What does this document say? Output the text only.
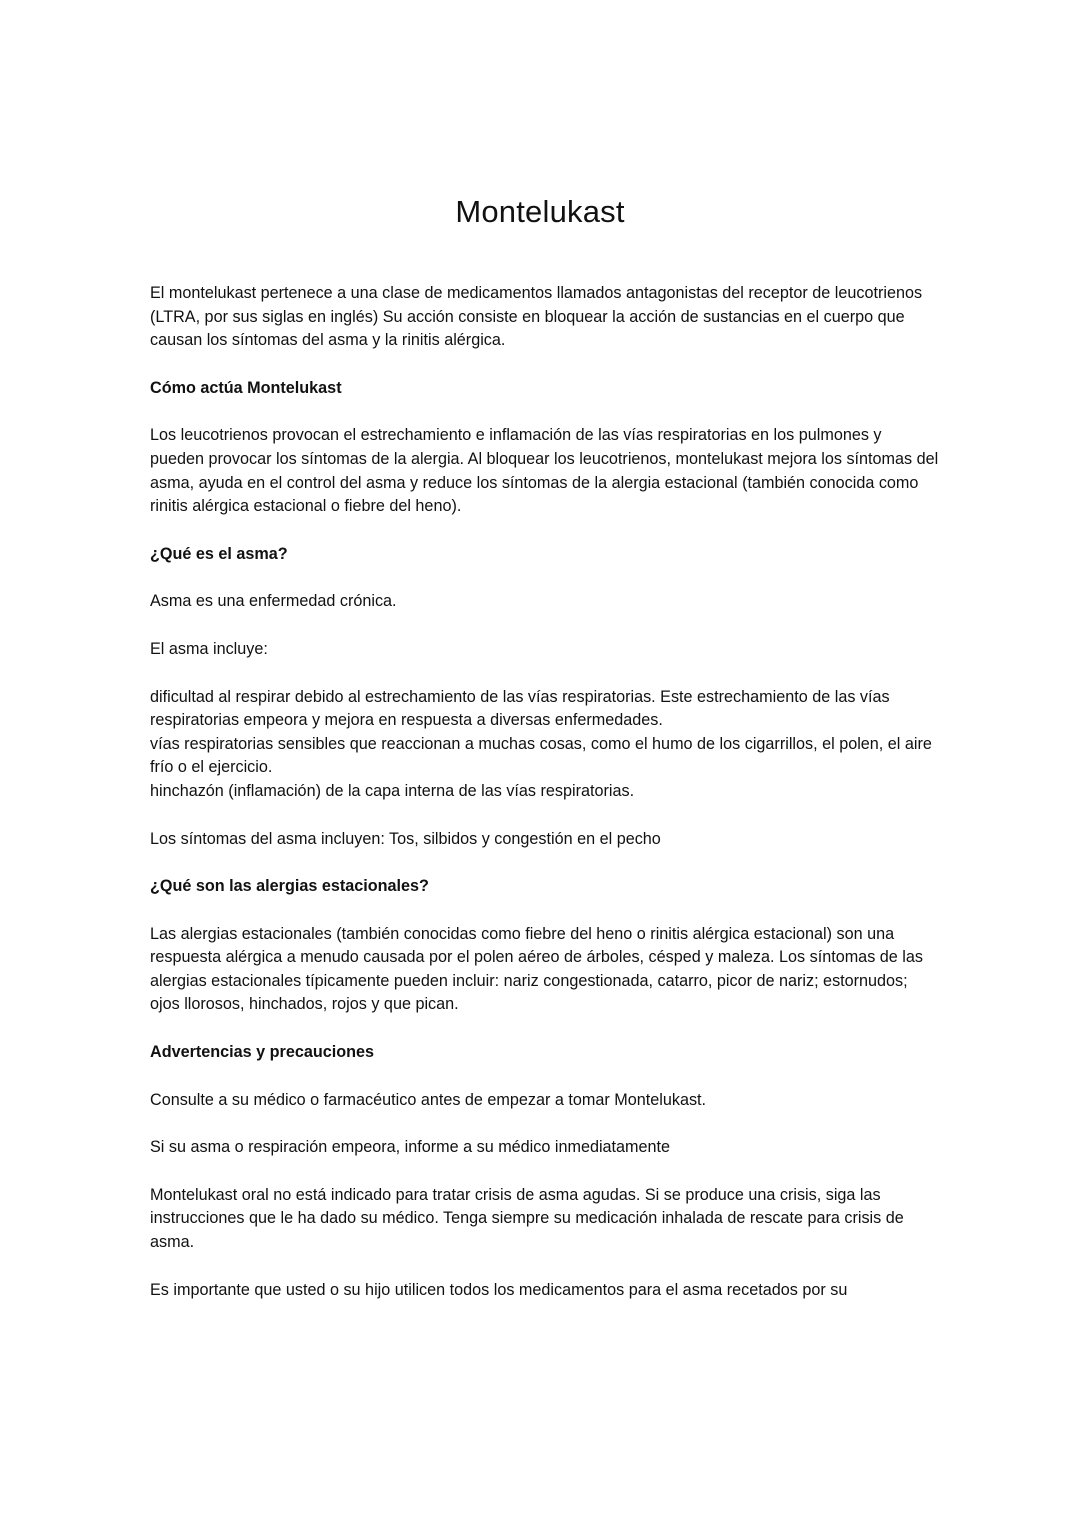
Montelukast

El montelukast pertenece a una clase de medicamentos llamados antagonistas del receptor de leucotrienos (LTRA, por sus siglas en inglés) Su acción consiste en bloquear la acción de sustancias en el cuerpo que causan los síntomas del asma y la rinitis alérgica.

Cómo actúa Montelukast

Los leucotrienos provocan el estrechamiento e inflamación de las vías respiratorias en los pulmones y pueden provocar los síntomas de la alergia. Al bloquear los leucotrienos, montelukast mejora los síntomas del asma, ayuda en el control del asma y reduce los síntomas de la alergia estacional (también conocida como rinitis alérgica estacional o fiebre del heno).

¿Qué es el asma?

Asma es una enfermedad crónica.

El asma incluye:

dificultad al respirar debido al estrechamiento de las vías respiratorias. Este estrechamiento de las vías respiratorias empeora y mejora en respuesta a diversas enfermedades.

vías respiratorias sensibles que reaccionan a muchas cosas, como el humo de los cigarrillos, el polen, el aire frío o el ejercicio.

hinchazón (inflamación) de la capa interna de las vías respiratorias.

Los síntomas del asma incluyen: Tos, silbidos y congestión en el pecho

¿Qué son las alergias estacionales?

Las alergias estacionales (también conocidas como fiebre del heno o rinitis alérgica estacional) son una respuesta alérgica a menudo causada por el polen aéreo de árboles, césped y maleza. Los síntomas de las alergias estacionales típicamente pueden incluir: nariz congestionada, catarro, picor de nariz; estornudos; ojos llorosos, hinchados, rojos y que pican.

Advertencias y precauciones

Consulte a su médico o farmacéutico antes de empezar a tomar Montelukast.

Si su asma o respiración empeora, informe a su médico inmediatamente

Montelukast oral no está indicado para tratar crisis de asma agudas. Si se produce una crisis, siga las instrucciones que le ha dado su médico. Tenga siempre su medicación inhalada de rescate para crisis de asma.

Es importante que usted o su hijo utilicen todos los medicamentos para el asma recetados por su
